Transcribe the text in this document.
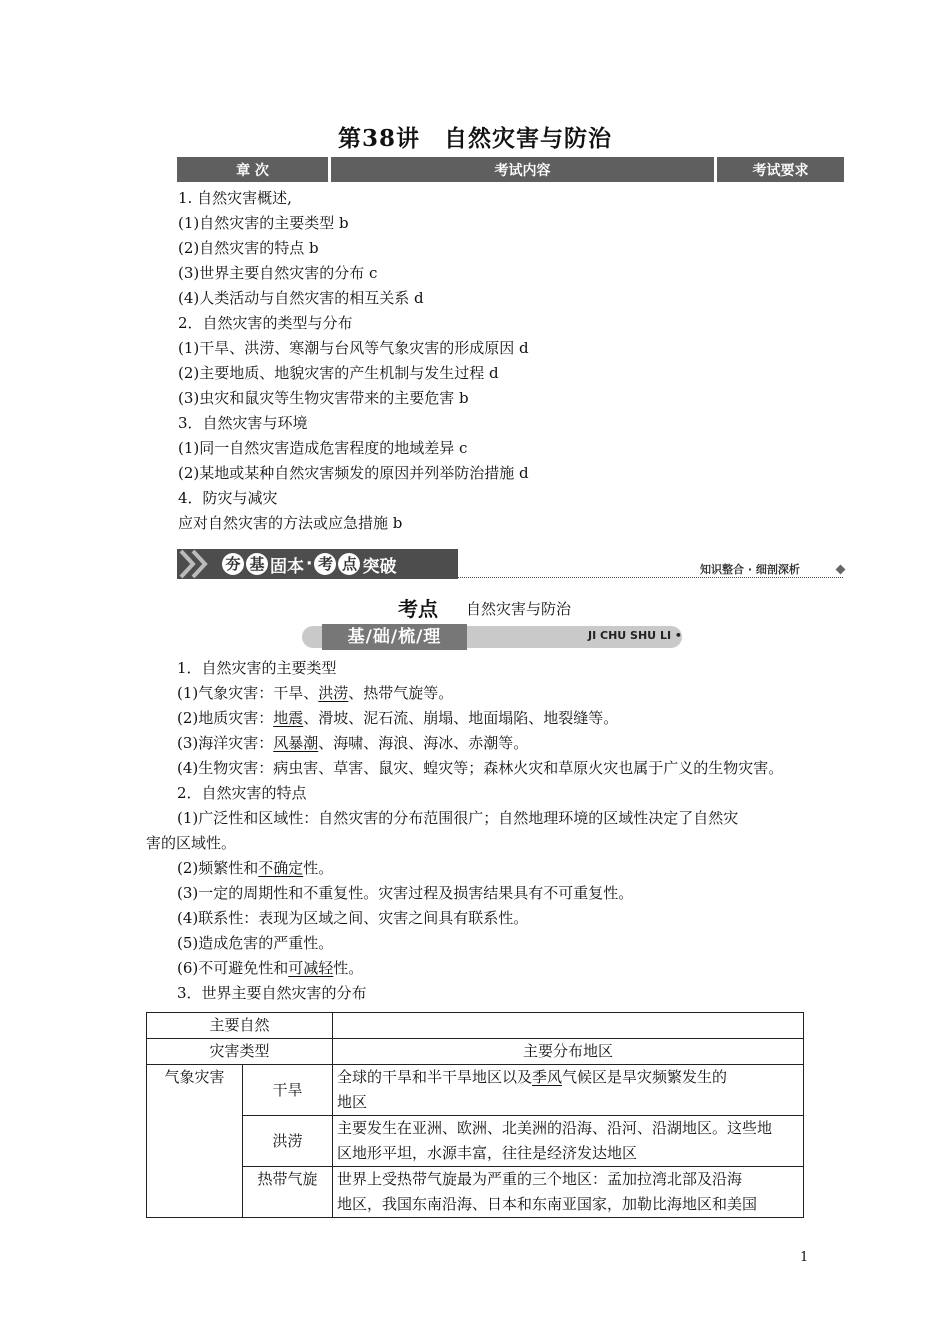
第38讲　自然灾害与防治
章 次	考试内容	考试要求
1. 自然灾害概述,
(1)自然灾害的主要类型 b
(2)自然灾害的特点 b
(3)世界主要自然灾害的分布 c
(4)人类活动与自然灾害的相互关系 d
2．自然灾害的类型与分布
(1)干旱、洪涝、寒潮与台风等气象灾害的形成原因 d
(2)主要地质、地貌灾害的产生机制与发生过程 d
(3)虫灾和鼠灾等生物灾害带来的主要危害 b
3．自然灾害与环境
(1)同一自然灾害造成危害程度的地域差异 c
(2)某地或某种自然灾害频发的原因并列举防治措施 d
4．防灾与减灾
应对自然灾害的方法或应急措施 b
夯 基 固本 · 考 点 突破	知识整合 · 细剖深析
考点 自然灾害与防治
基/础/梳/理	JI CHU SHU LI •
1．自然灾害的主要类型
(1)气象灾害：干旱、洪涝、热带气旋等。
(2)地质灾害：地震、滑坡、泥石流、崩塌、地面塌陷、地裂缝等。
(3)海洋灾害：风暴潮、海啸、海浪、海冰、赤潮等。
(4)生物灾害：病虫害、草害、鼠灾、蝗灾等；森林火灾和草原火灾也属于广义的生物灾害。
2．自然灾害的特点
(1)广泛性和区域性：自然灾害的分布范围很广；自然地理环境的区域性决定了自然灾
害的区域性。
(2)频繁性和不确定性。
(3)一定的周期性和不重复性。灾害过程及损害结果具有不可重复性。
(4)联系性：表现为区域之间、灾害之间具有联系性。
(5)造成危害的严重性。
(6)不可避免性和可减轻性。
3．世界主要自然灾害的分布
主要自然		
灾害类型		主要分布地区
气象灾害	干旱	全球的干旱和半干旱地区以及季风气候区是旱灾频繁发生的
地区

	洪涝	主要发生在亚洲、欧洲、北美洲的沿海、沿河、沿湖地区。这些地
区地形平坦，水源丰富，往往是经济发达地区

	热带气旋	世界上受热带气旋最为严重的三个地区：孟加拉湾北部及沿海
地区，我国东南沿海、日本和东南亚国家，加勒比海地区和美国
1
